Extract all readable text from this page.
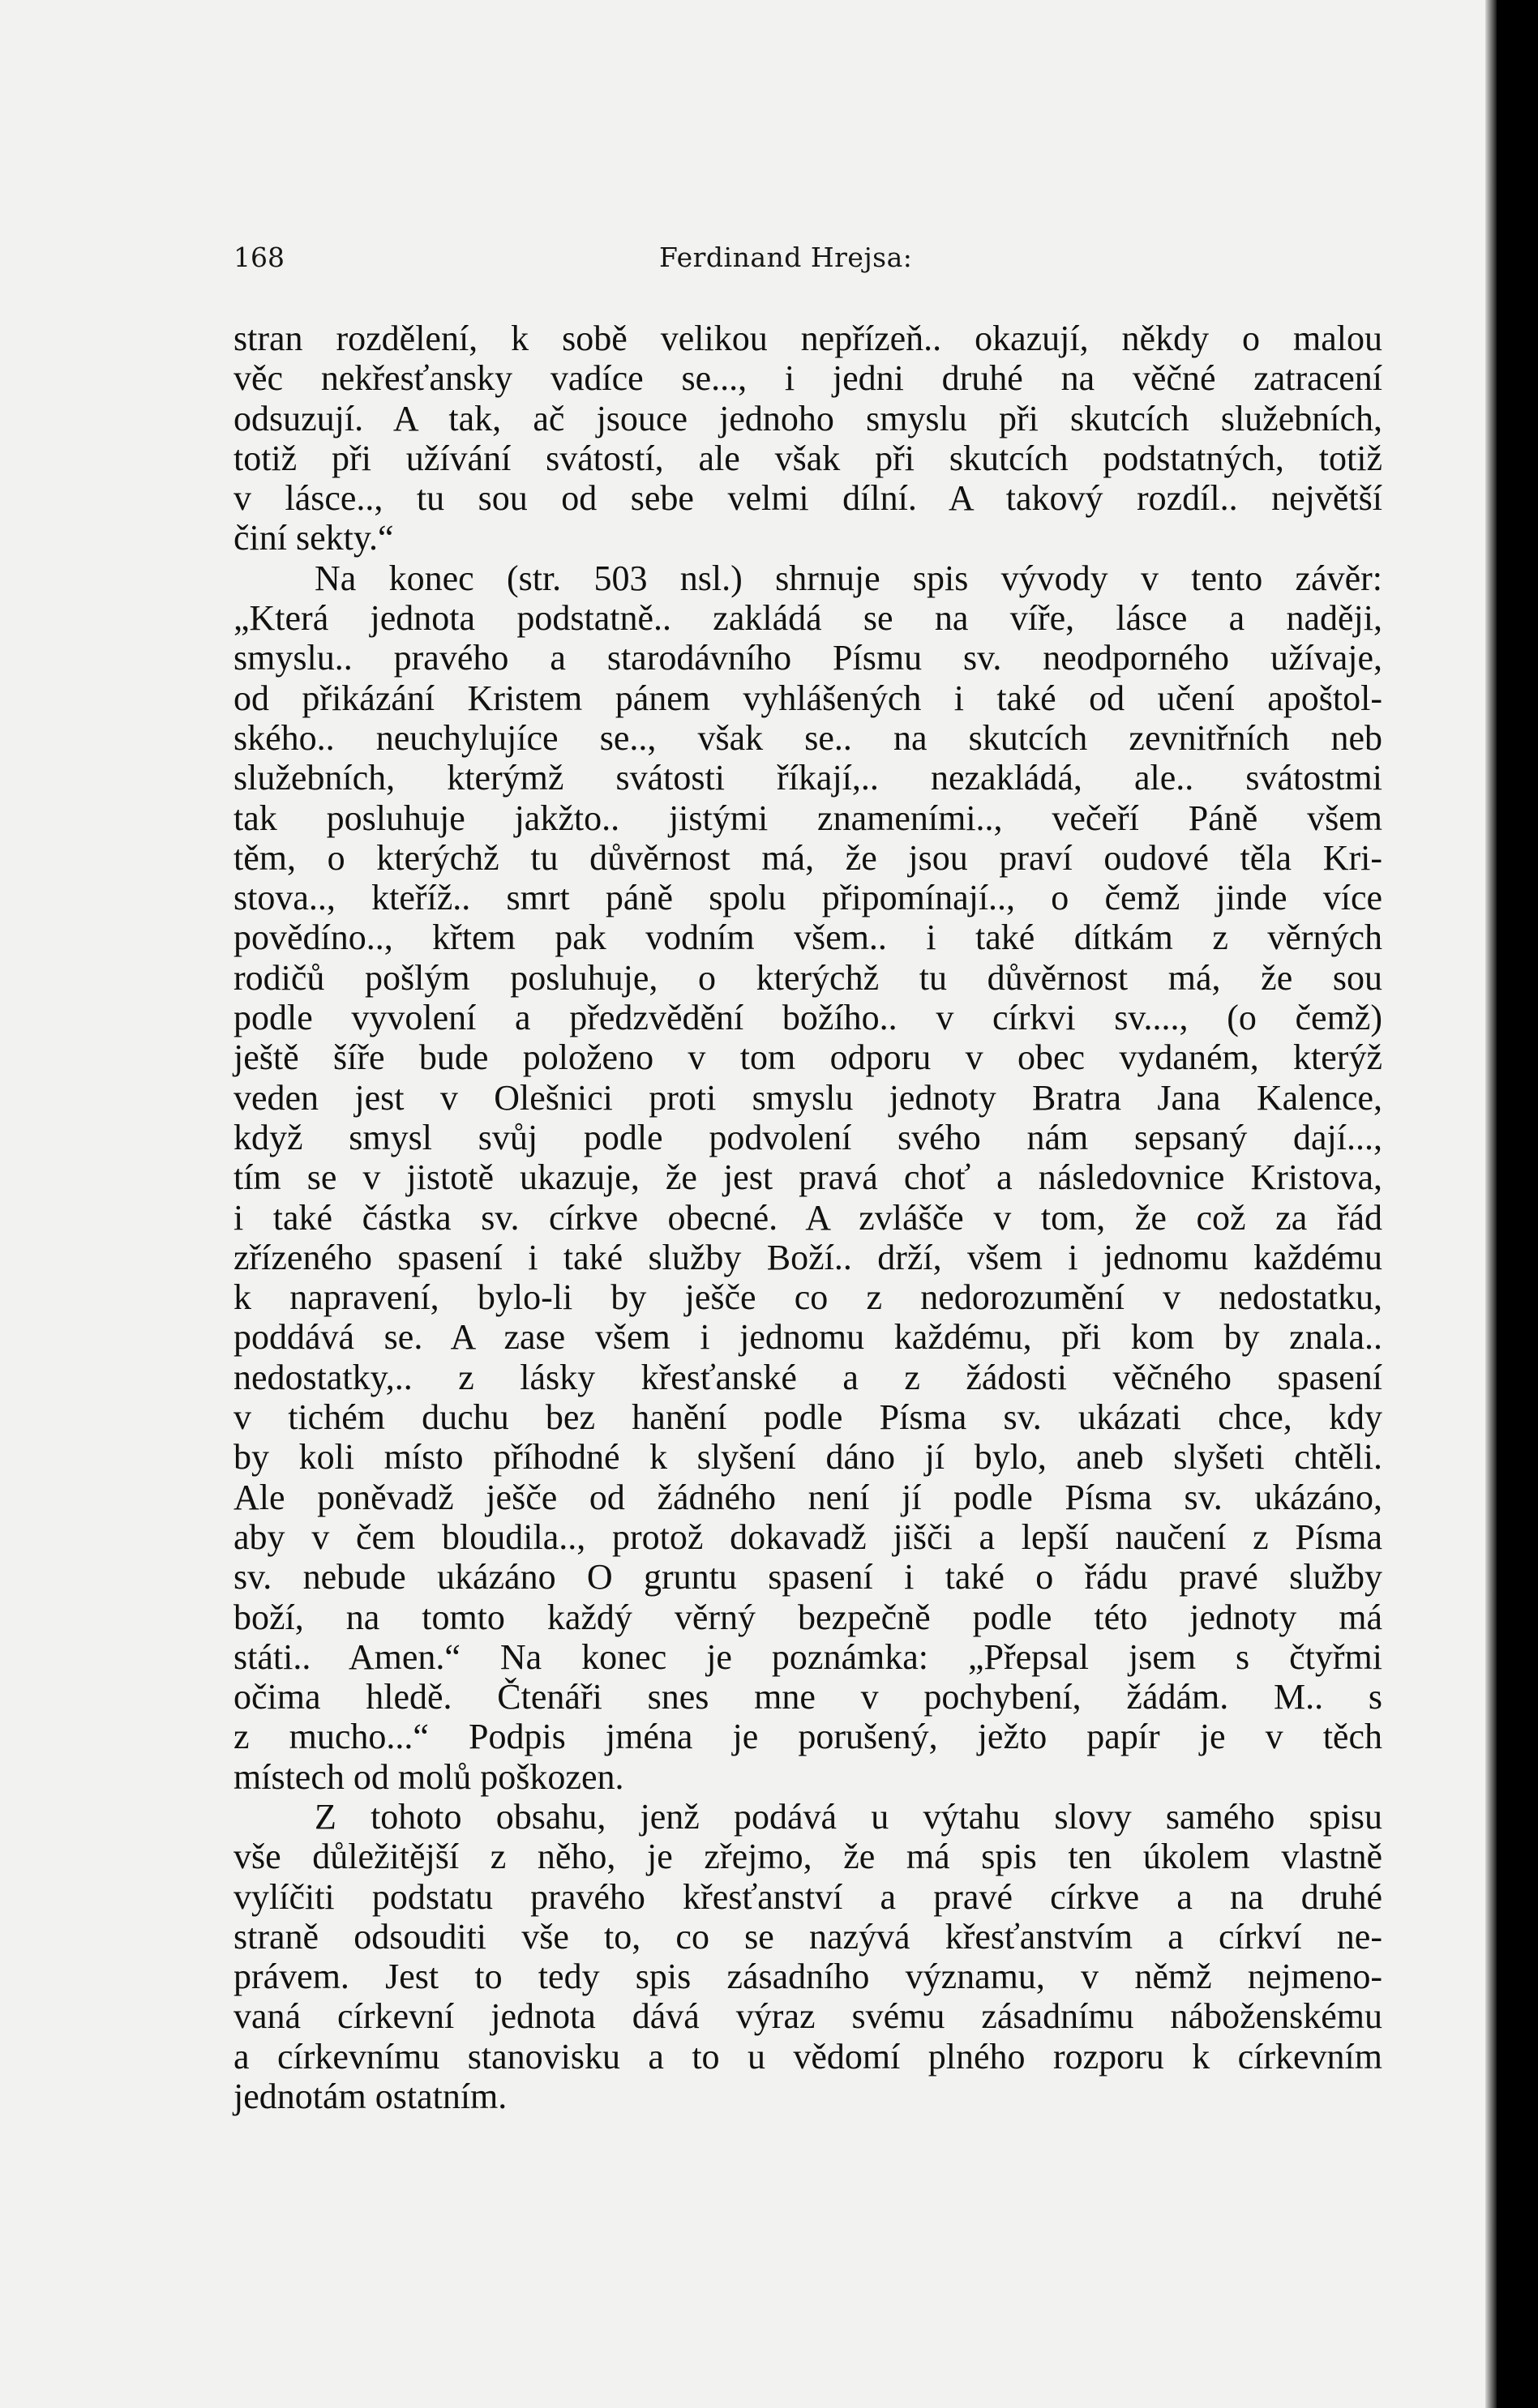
168	Ferdinand Hrejsa:
stran rozdělení, k sobě velikou nepřízeň.. okazují, někdy o malou
věc nekřesťansky vadíce se..., i jedni druhé na věčné zatracení
odsuzují. A tak, ač jsouce jednoho smyslu při skutcích služebních,
totiž při užívání svátostí, ale však při skutcích podstatných, totiž
v lásce.., tu sou od sebe velmi dílní. A takový rozdíl.. největší
činí sekty.“
Na konec (str. 503 nsl.) shrnuje spis vývody v tento závěr:
„Která jednota podstatně.. zakládá se na víře, lásce a naději,
smyslu.. pravého a starodávního Písmu sv. neodporného užívaje,
od přikázání Kristem pánem vyhlášených i také od učení apoštol-
ského.. neuchylujíce se.., však se.. na skutcích zevnitřních neb
služebních, kterýmž svátosti říkají,.. nezakládá, ale.. svátostmi
tak posluhuje jakžto.. jistými znameními.., večeří Páně všem
těm, o kterýchž tu důvěrnost má, že jsou praví oudové těla Kri-
stova.., kteříž.. smrt páně spolu připomínají.., o čemž jinde více
povědíno.., křtem pak vodním všem.. i také dítkám z věrných
rodičů pošlým posluhuje, o kterýchž tu důvěrnost má, že sou
podle vyvolení a předzvědění božího.. v církvi sv...., (o čemž)
ještě šíře bude položeno v tom odporu v obec vydaném, kterýž
veden jest v Olešnici proti smyslu jednoty Bratra Jana Kalence,
když smysl svůj podle podvolení svého nám sepsaný dají...,
tím se v jistotě ukazuje, že jest pravá choť a následovnice Kristova,
i také částka sv. církve obecné. A zvlášče v tom, že což za řád
zřízeného spasení i také služby Boží.. drží, všem i jednomu každému
k napravení, bylo-li by ješče co z nedorozumění v nedostatku,
poddává se. A zase všem i jednomu každému, při kom by znala..
nedostatky,.. z lásky křesťanské a z žádosti věčného spasení
v tichém duchu bez hanění podle Písma sv. ukázati chce, kdy
by koli místo příhodné k slyšení dáno jí bylo, aneb slyšeti chtěli.
Ale poněvadž ješče od žádného není jí podle Písma sv. ukázáno,
aby v čem bloudila.., protož dokavadž jišči a lepší naučení z Písma
sv. nebude ukázáno O gruntu spasení i také o řádu pravé služby
boží, na tomto každý věrný bezpečně podle této jednoty má
státi.. Amen.“ Na konec je poznámka: „Přepsal jsem s čtyřmi
očima hledě. Čtenáři snes mne v pochybení, žádám. M.. s
z mucho...“ Podpis jména je porušený, ježto papír je v těch
místech od molů poškozen.
Z tohoto obsahu, jenž podává u výtahu slovy samého spisu
vše důležitější z něho, je zřejmo, že má spis ten úkolem vlastně
vylíčiti podstatu pravého křesťanství a pravé církve a na druhé
straně odsouditi vše to, co se nazývá křesťanstvím a církví ne-
právem. Jest to tedy spis zásadního významu, v němž nejmeno-
vaná církevní jednota dává výraz svému zásadnímu náboženskému
a církevnímu stanovisku a to u vědomí plného rozporu k církevním
jednotám ostatním.
